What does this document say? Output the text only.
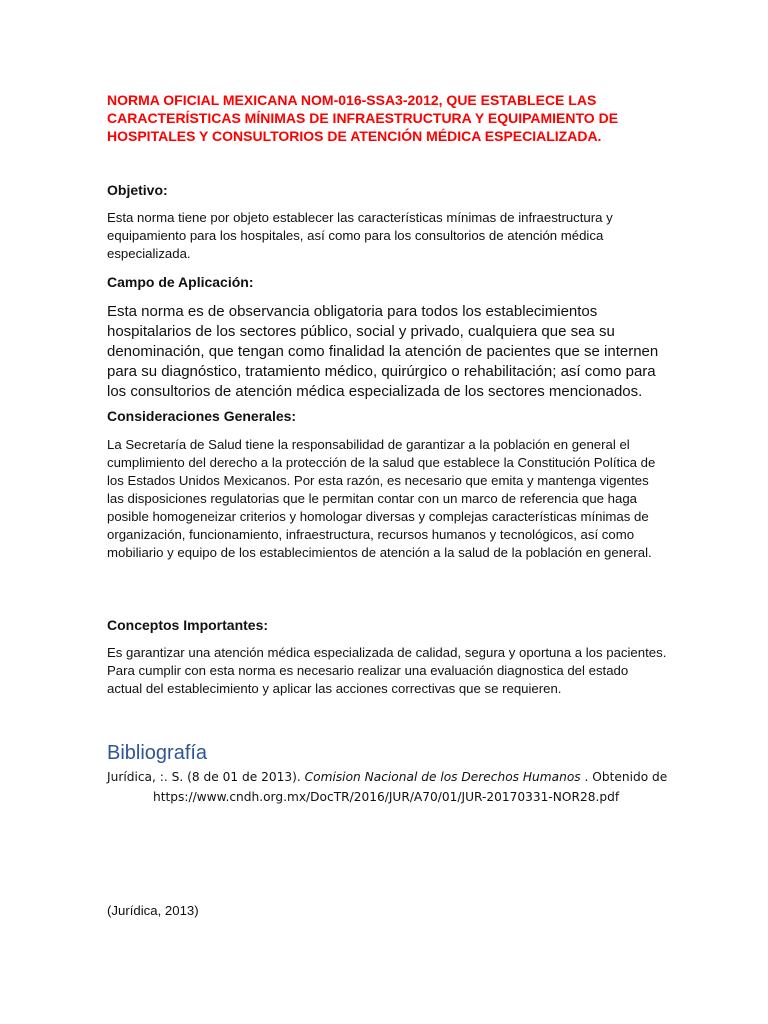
NORMA OFICIAL MEXICANA NOM-016-SSA3-2012, QUE ESTABLECE LAS CARACTERÍSTICAS MÍNIMAS DE INFRAESTRUCTURA Y EQUIPAMIENTO DE HOSPITALES Y CONSULTORIOS DE ATENCIÓN MÉDICA ESPECIALIZADA.
Objetivo:
Esta norma tiene por objeto establecer las características mínimas de infraestructura y equipamiento para los hospitales, así como para los consultorios de atención médica especializada.
Campo de Aplicación:
Esta norma es de observancia obligatoria para todos los establecimientos hospitalarios de los sectores público, social y privado, cualquiera que sea su denominación, que tengan como finalidad la atención de pacientes que se internen para su diagnóstico, tratamiento médico, quirúrgico o rehabilitación; así como para los consultorios de atención médica especializada de los sectores mencionados.
Consideraciones Generales:
La Secretaría de Salud tiene la responsabilidad de garantizar a la población en general el cumplimiento del derecho a la protección de la salud que establece la Constitución Política de los Estados Unidos Mexicanos. Por esta razón, es necesario que emita y mantenga vigentes las disposiciones regulatorias que le permitan contar con un marco de referencia que haga posible homogeneizar criterios y homologar diversas y complejas características mínimas de organización, funcionamiento, infraestructura, recursos humanos y tecnológicos, así como mobiliario y equipo de los establecimientos de atención a la salud de la población en general.
Conceptos Importantes:
Es garantizar una atención médica especializada de calidad, segura y oportuna a los pacientes. Para cumplir con esta norma es necesario realizar una evaluación diagnostica del estado actual del establecimiento y aplicar las acciones correctivas que se requieren.
Bibliografía
Jurídica, :. S. (8 de 01 de 2013). Comision Nacional de los Derechos Humanos . Obtenido de https://www.cndh.org.mx/DocTR/2016/JUR/A70/01/JUR-20170331-NOR28.pdf
(Jurídica, 2013)
